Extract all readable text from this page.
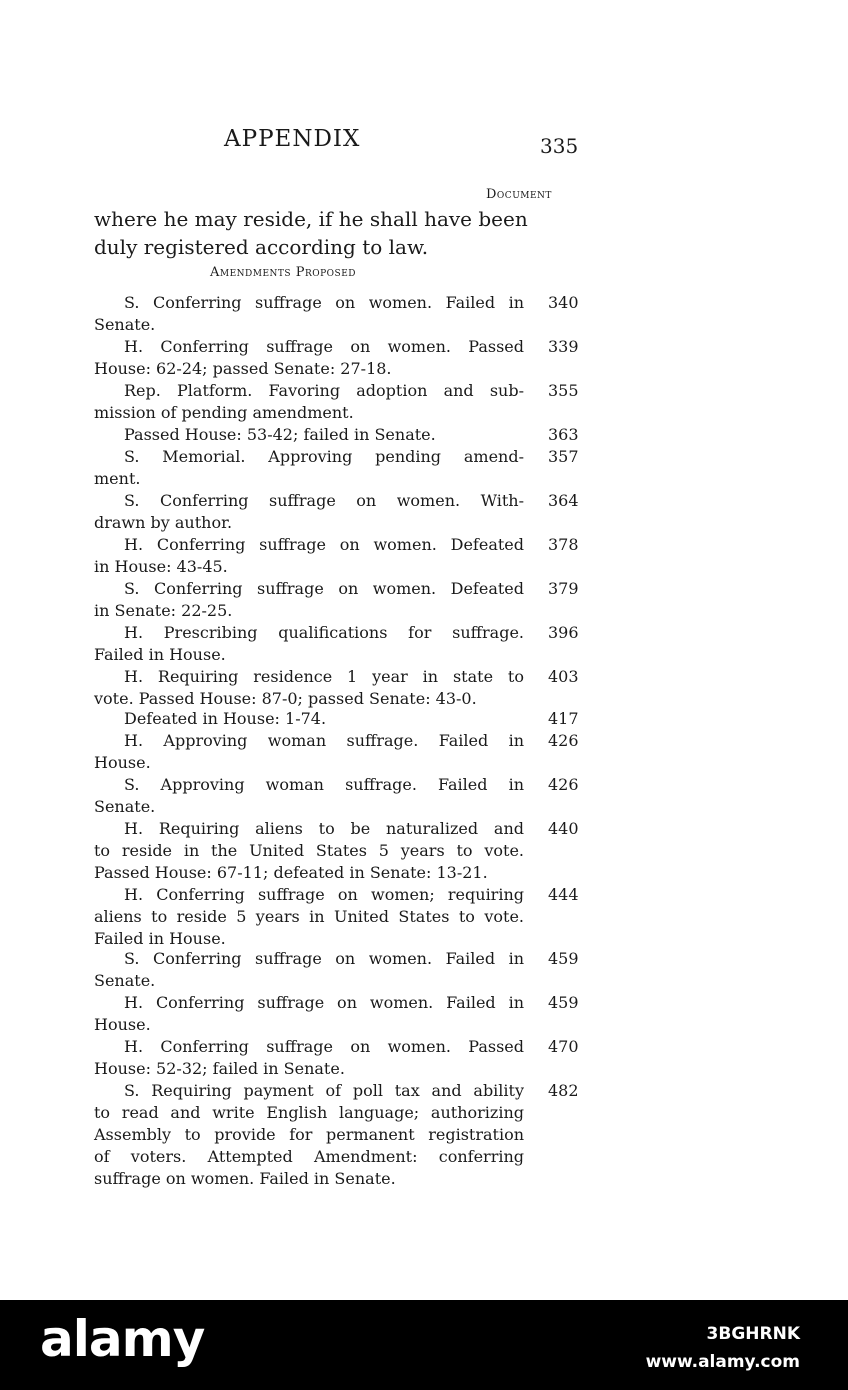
APPENDIX	335
Document
where he may reside, if he shall have been
duly registered according to law.
Amendments Proposed
S. Conferring suffrage on women. Failed in 340
Senate.
H. Conferring suffrage on women. Passed 339
House: 62-24; passed Senate: 27-18.
Rep. Platform. Favoring adoption and sub- 355
mission of pending amendment.
Passed House: 53-42; failed in Senate.	363
S. Memorial. Approving pending amend- 357
ment.
S. Conferring suffrage on women. With- 364
drawn by author.
H. Conferring suffrage on women. Defeated 378
in House: 43-45.
S. Conferring suffrage on women. Defeated 379
in Senate: 22-25.
H. Prescribing qualifications for suffrage. 396
Failed in House.
H. Requiring residence 1 year in state to 403
vote. Passed House: 87-0; passed Senate: 43-0.
Defeated in House: 1-74.	417
H. Approving woman suffrage. Failed in 426
House.
S. Approving woman suffrage. Failed in 426
Senate.
H. Requiring aliens to be naturalized and 440
to reside in the United States 5 years to vote.
Passed House: 67-11; defeated in Senate: 13-21.
H. Conferring suffrage on women; requiring 444
aliens to reside 5 years in United States to vote.
Failed in House.
S. Conferring suffrage on women. Failed in 459
Senate.
H. Conferring suffrage on women. Failed in 459
House.
H. Conferring suffrage on women. Passed 470
House: 52-32; failed in Senate.
S. Requiring payment of poll tax and ability 482
to read and write English language; authorizing
Assembly to provide for permanent registration
of voters. Attempted Amendment: conferring
suffrage on women. Failed in Senate.
alamy	3BGHRNK
www.alamy.com
